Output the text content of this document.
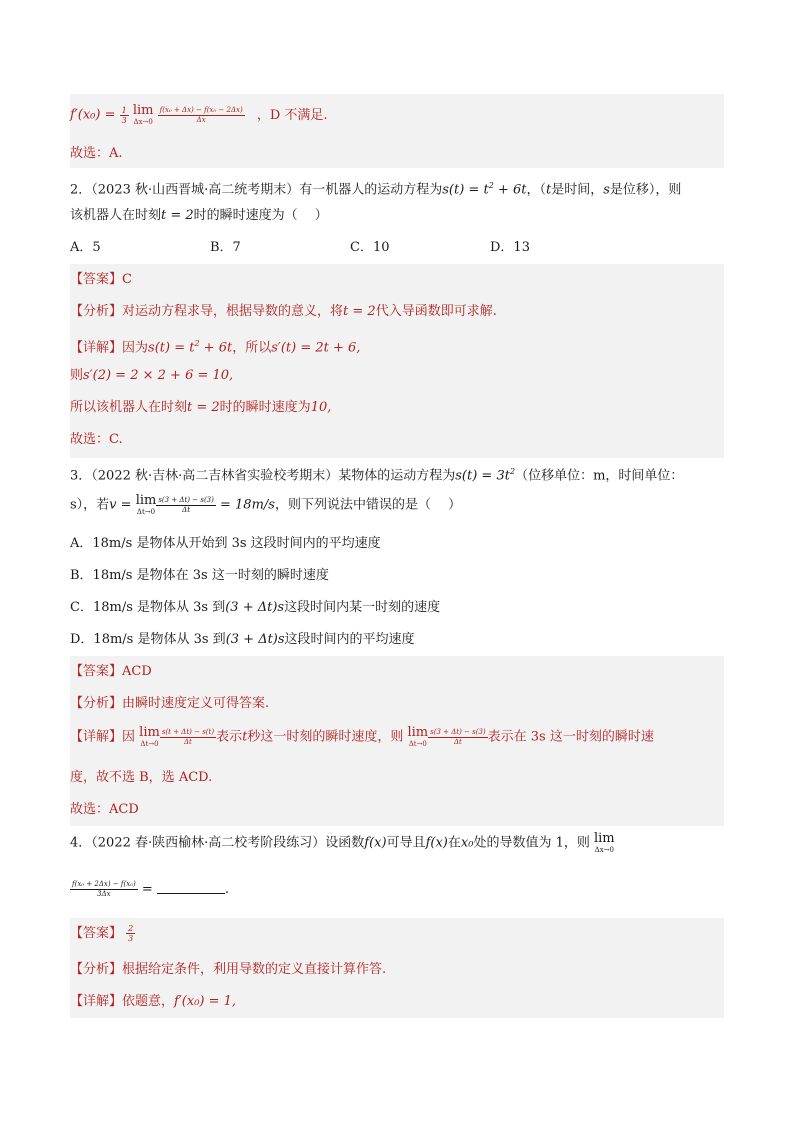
$f'(x_0) = \frac{1}{3}$
lim
Δx→0
$\frac{\text{f(x₀ + Δx) − f(x₀ − 2Δx)}}{\Delta x}$ ，D 不满足.
故选：A.
2．（2023 秋·山西晋城·高二统考期末）有一机器人的运动方程为$s(t) = t^2 + 6t$，（t是时间，s是位移），则
该机器人在时刻t = 2时的瞬时速度为（　 ）
A．5	B．7	C．10	D．13
【答案】C
【分析】对运动方程求导，根据导数的意义，将t = 2代入导函数即可求解.
【详解】因为$s(t) = t^2 + 6t$，所以s′(t) = 2t + 6,
则s′(2) = 2 × 2 + 6 = 10,
所以该机器人在时刻t = 2时的瞬时速度为10,
故选：C.
3．（2022 秋·吉林·高二吉林省实验校考期末）某物体的运动方程为$s(t) = 3t^2$（位移单位：m，时间单位：
s），若v = lim
$\Delta t\to 0 \frac{s(3 + \Delta t) - s(3)}{\Delta t} = 18m/s$，则下列说法中错误的是（　 ）
A．18m/s 是物体从开始到 3s 这段时间内的平均速度
B．18m/s 是物体在 3s 这一时刻的瞬时速度
C．18m/s 是物体从 3s 到(3 + Δt)s这段时间内某一时刻的速度
D．18m/s 是物体从 3s 到(3 + Δt)s这段时间内的平均速度
【答案】ACD
【分析】由瞬时速度定义可得答案.
【详解】因 lim
$\Delta t\to 0 \frac{s(t + \Delta t) - s(t)}{\Delta t}$ 表示t秒这一时刻的瞬时速度，则 lim
$\Delta t\to 0 \frac{s(3 + \Delta t) - s(3)}{\Delta t}$ 表示在 3s 这一时刻的瞬时速
度，故不选 B，选 ACD.
故选：ACD
4．（2022 春·陕西榆林·高二校考阶段练习）设函数f(x)可导且f(x)在x₀处的导数值为 1，则 lim
Δx→0
$\frac{\text{f(x₀ + 2Δx) − f(x₀)}}{3\Delta x}$ =	.
【答案】 $\frac{2}{3}$
【分析】根据给定条件，利用导数的定义直接计算作答.
【详解】依题意，f′(x₀) = 1,
